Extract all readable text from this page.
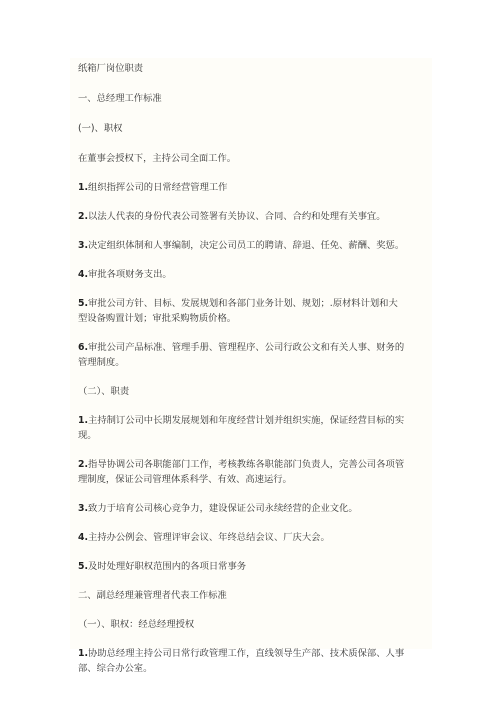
纸箱厂岗位职责

一、总经理工作标准

(一)、职权

在董事会授权下，主持公司全面工作。

1.组织指挥公司的日常经营管理工作

2.以法人代表的身份代表公司签署有关协议、合同、合约和处理有关事宜。

3.决定组织体制和人事编制，决定公司员工的聘请、辞退、任免、薪酬、奖惩。

4.审批各项财务支出。

5.审批公司方针、目标、发展规划和各部门业务计划、规划；.原材料计划和大

型设备购置计划；审批采购物质价格。

6.审批公司产品标准、管理手册、管理程序、公司行政公文和有关人事、财务的

管理制度。

（二）、职责

1.主持制订公司中长期发展规划和年度经营计划并组织实施，保证经营目标的实

现。

2.指导协调公司各职能部门工作，考核教练各职能部门负责人，完善公司各项管

理制度，保证公司管理体系科学、有效、高速运行。

3.致力于培育公司核心竞争力，建设保证公司永续经营的企业文化。

4.主持办公例会、管理评审会议、年终总结会议、厂庆大会。

5.及时处理好职权范围内的各项日常事务

二、副总经理兼管理者代表工作标准

（一）、职权：经总经理授权

1.协助总经理主持公司日常行政管理工作，直线领导生产部、技术质保部、人事

部、综合办公室。
